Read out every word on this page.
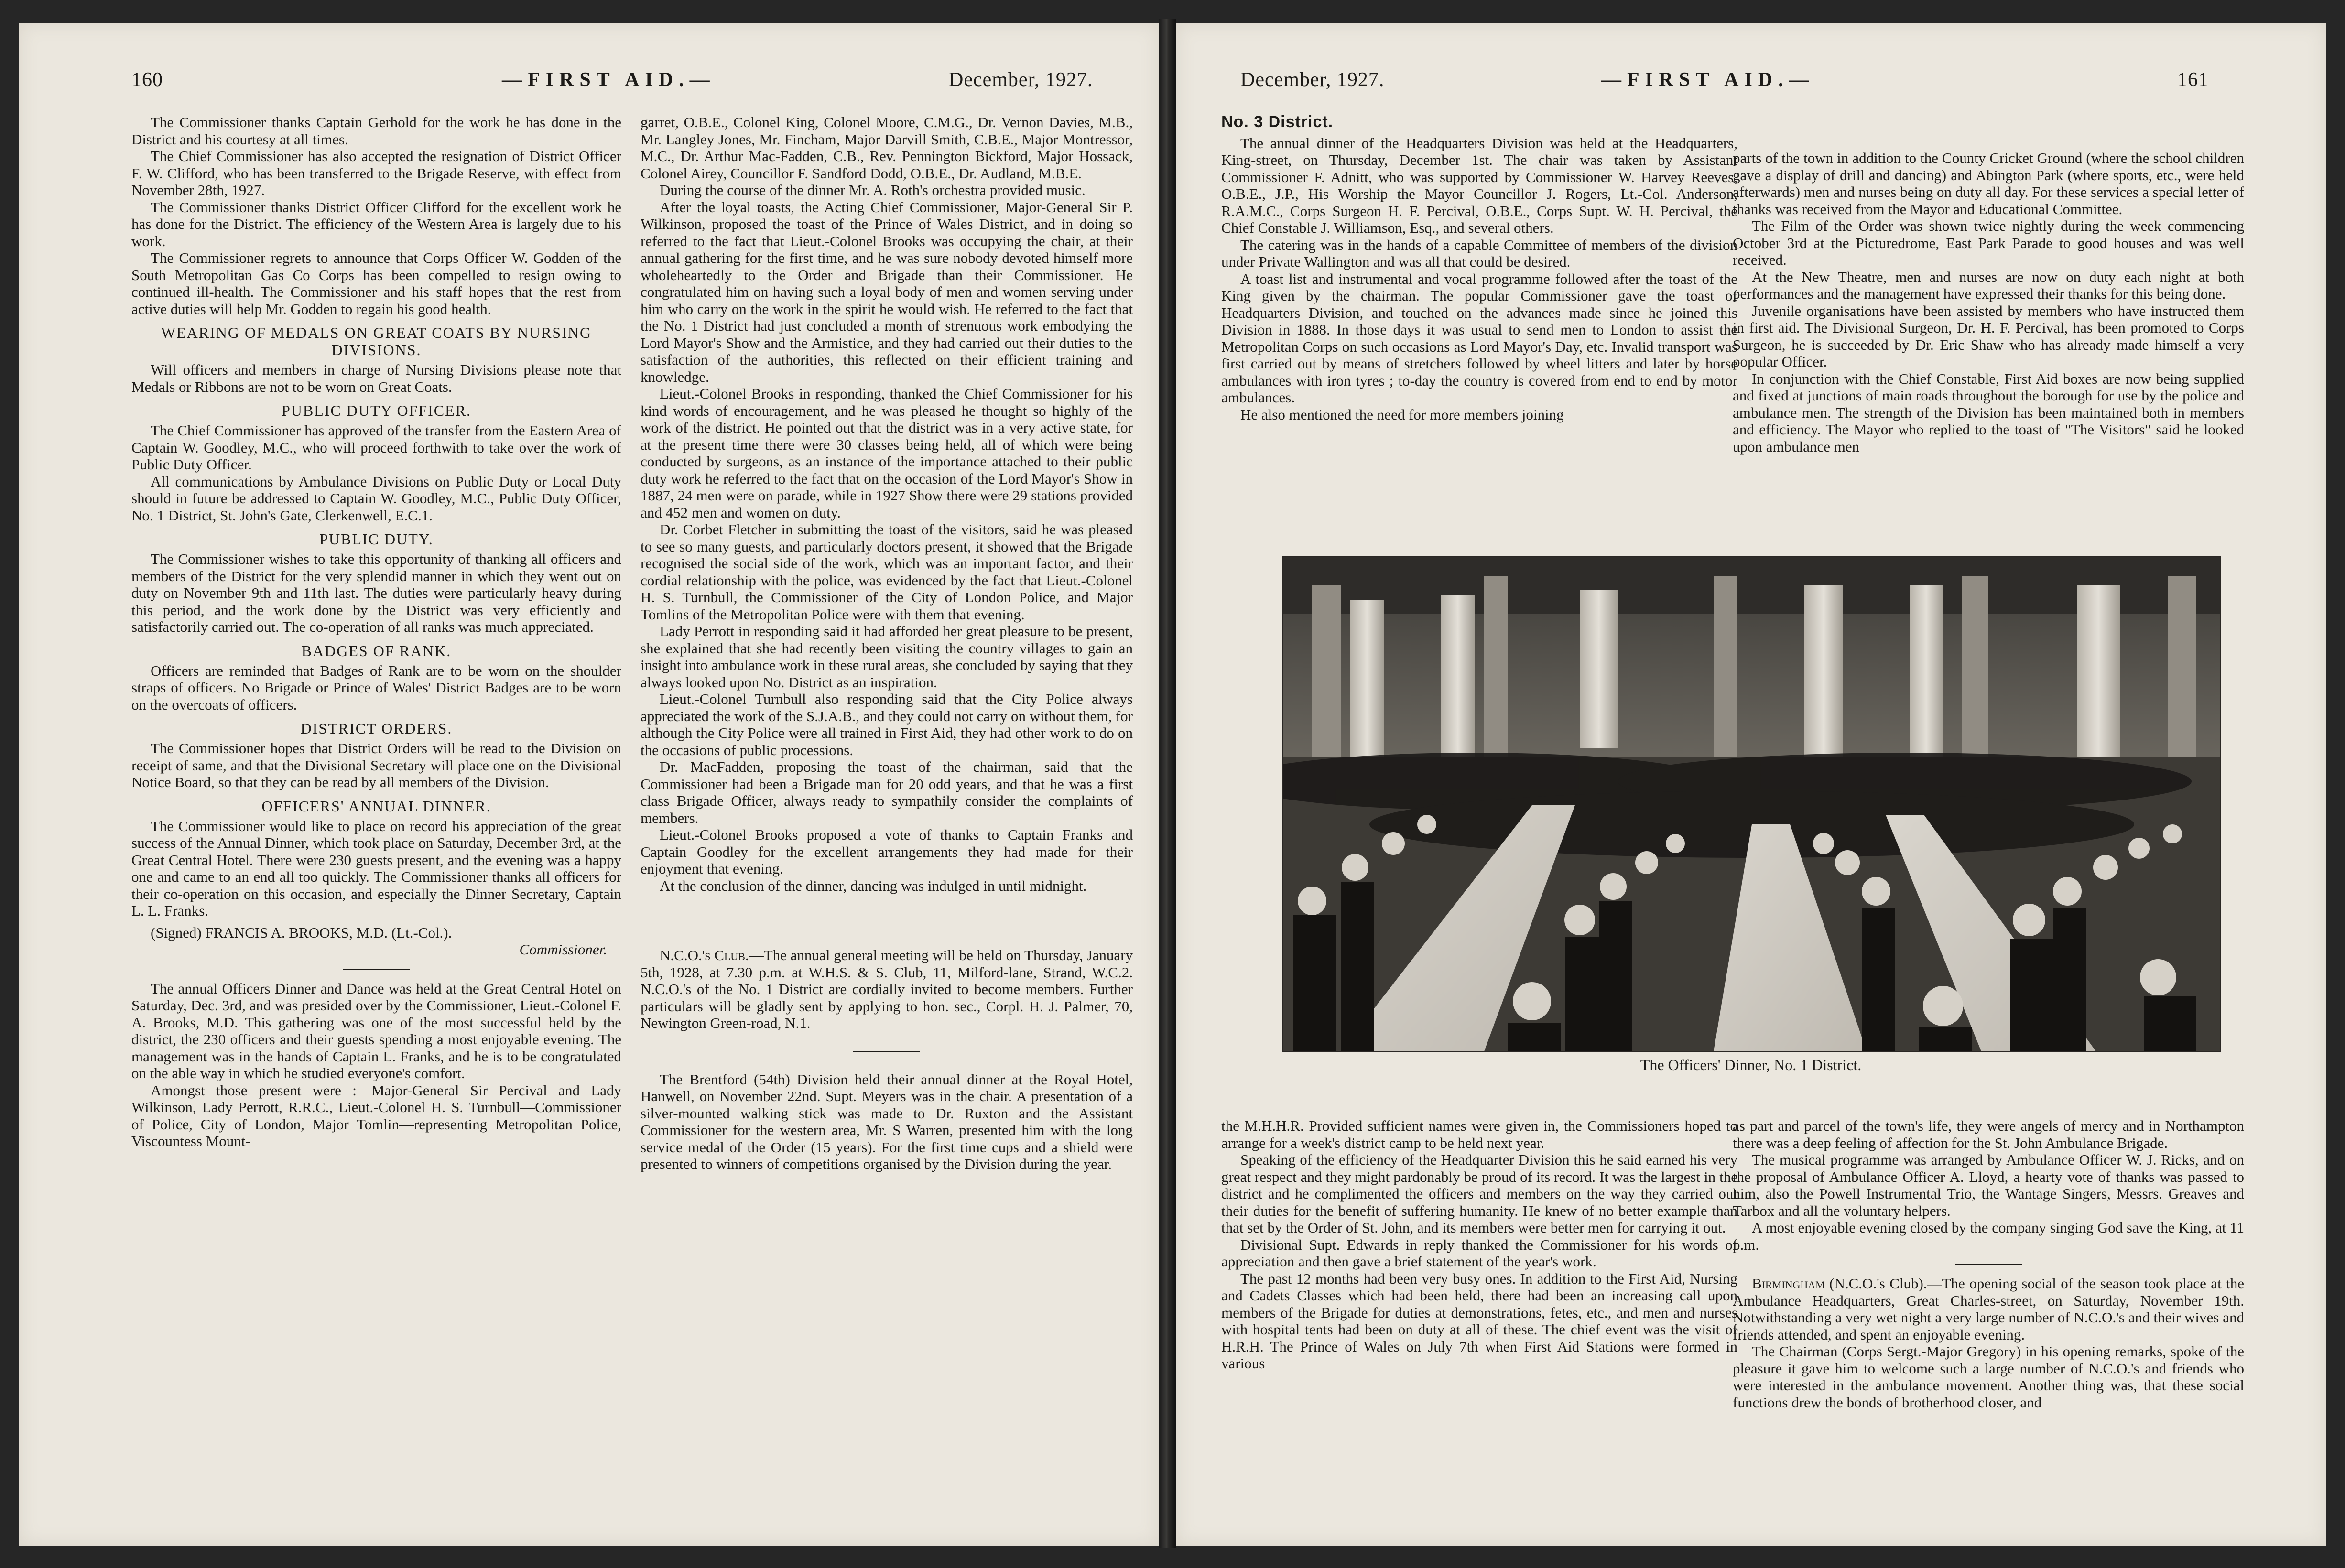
160	—FIRST AID.—	December, 1927.

The Commissioner thanks Captain Gerhold for the work he has done in the District and his courtesy at all times.

The Chief Commissioner has also accepted the resignation of District Officer F. W. Clifford, who has been transferred to the Brigade Reserve, with effect from November 28th, 1927.

The Commissioner thanks District Officer Clifford for the excellent work he has done for the District. The efficiency of the Western Area is largely due to his work.

The Commissioner regrets to announce that Corps Officer W. Godden of the South Metropolitan Gas Co Corps has been compelled to resign owing to continued ill-health. The Commissioner and his staff hopes that the rest from active duties will help Mr. Godden to regain his good health.

WEARING OF MEDALS ON GREAT COATS BY NURSING DIVISIONS.

Will officers and members in charge of Nursing Divisions please note that Medals or Ribbons are not to be worn on Great Coats.

PUBLIC DUTY OFFICER.

The Chief Commissioner has approved of the transfer from the Eastern Area of Captain W. Goodley, M.C., who will proceed forthwith to take over the work of Public Duty Officer.

All communications by Ambulance Divisions on Public Duty or Local Duty should in future be addressed to Captain W. Goodley, M.C., Public Duty Officer, No. 1 District, St. John's Gate, Clerkenwell, E.C.1.

PUBLIC DUTY.

The Commissioner wishes to take this opportunity of thanking all officers and members of the District for the very splendid manner in which they went out on duty on November 9th and 11th last. The duties were particularly heavy during this period, and the work done by the District was very efficiently and satisfactorily carried out. The co-operation of all ranks was much appreciated.

BADGES OF RANK.

Officers are reminded that Badges of Rank are to be worn on the shoulder straps of officers. No Brigade or Prince of Wales' District Badges are to be worn on the overcoats of officers.

DISTRICT ORDERS.

The Commissioner hopes that District Orders will be read to the Division on receipt of same, and that the Divisional Secretary will place one on the Divisional Notice Board, so that they can be read by all members of the Division.

OFFICERS' ANNUAL DINNER.

The Commissioner would like to place on record his appreciation of the great success of the Annual Dinner, which took place on Saturday, December 3rd, at the Great Central Hotel. There were 230 guests present, and the evening was a happy one and came to an end all too quickly. The Commissioner thanks all officers for their co-operation on this occasion, and especially the Dinner Secretary, Captain L. L. Franks.

(Signed) FRANCIS A. BROOKS, M.D. (Lt.-Col.).

Commissioner.

The annual Officers Dinner and Dance was held at the Great Central Hotel on Saturday, Dec. 3rd, and was presided over by the Commissioner, Lieut.-Colonel F. A. Brooks, M.D. This gathering was one of the most successful held by the district, the 230 officers and their guests spending a most enjoyable evening. The management was in the hands of Captain L. Franks, and he is to be congratulated on the able way in which he studied everyone's comfort.

Amongst those present were :—Major-General Sir Percival and Lady Wilkinson, Lady Perrott, R.R.C., Lieut.-Colonel H. S. Turnbull—Commissioner of Police, City of London, Major Tomlin—representing Metropolitan Police, Viscountess Mount-

garret, O.B.E., Colonel King, Colonel Moore, C.M.G., Dr. Vernon Davies, M.B., Mr. Langley Jones, Mr. Fincham, Major Darvill Smith, C.B.E., Major Montressor, M.C., Dr. Arthur Mac-Fadden, C.B., Rev. Pennington Bickford, Major Hossack, Colonel Airey, Councillor F. Sandford Dodd, O.B.E., Dr. Audland, M.B.E.

During the course of the dinner Mr. A. Roth's orchestra provided music.

After the loyal toasts, the Acting Chief Commissioner, Major-General Sir P. Wilkinson, proposed the toast of the Prince of Wales District, and in doing so referred to the fact that Lieut.-Colonel Brooks was occupying the chair, at their annual gathering for the first time, and he was sure nobody devoted himself more wholeheartedly to the Order and Brigade than their Commissioner. He congratulated him on having such a loyal body of men and women serving under him who carry on the work in the spirit he would wish. He referred to the fact that the No. 1 District had just concluded a month of strenuous work embodying the Lord Mayor's Show and the Armistice, and they had carried out their duties to the satisfaction of the authorities, this reflected on their efficient training and knowledge.

Lieut.-Colonel Brooks in responding, thanked the Chief Commissioner for his kind words of encouragement, and he was pleased he thought so highly of the work of the district. He pointed out that the district was in a very active state, for at the present time there were 30 classes being held, all of which were being conducted by surgeons, as an instance of the importance attached to their public duty work he referred to the fact that on the occasion of the Lord Mayor's Show in 1887, 24 men were on parade, while in 1927 Show there were 29 stations provided and 452 men and women on duty.

Dr. Corbet Fletcher in submitting the toast of the visitors, said he was pleased to see so many guests, and particularly doctors present, it showed that the Brigade recognised the social side of the work, which was an important factor, and their cordial relationship with the police, was evidenced by the fact that Lieut.-Colonel H. S. Turnbull, the Commissioner of the City of London Police, and Major Tomlins of the Metropolitan Police were with them that evening.

Lady Perrott in responding said it had afforded her great pleasure to be present, she explained that she had recently been visiting the country villages to gain an insight into ambulance work in these rural areas, she concluded by saying that they always looked upon No. District as an inspiration.

Lieut.-Colonel Turnbull also responding said that the City Police always appreciated the work of the S.J.A.B., and they could not carry on without them, for although the City Police were all trained in First Aid, they had other work to do on the occasions of public processions.

Dr. MacFadden, proposing the toast of the chairman, said that the Commissioner had been a Brigade man for 20 odd years, and that he was a first class Brigade Officer, always ready to sympathily consider the complaints of members.

Lieut.-Colonel Brooks proposed a vote of thanks to Captain Franks and Captain Goodley for the excellent arrangements they had made for their enjoyment that evening.

At the conclusion of the dinner, dancing was indulged in until midnight.

N.C.O.'s Club.—The annual general meeting will be held on Thursday, January 5th, 1928, at 7.30 p.m. at W.H.S. & S. Club, 11, Milford-lane, Strand, W.C.2. N.C.O.'s of the No. 1 District are cordially invited to become members. Further particulars will be gladly sent by applying to hon. sec., Corpl. H. J. Palmer, 70, Newington Green-road, N.1.

The Brentford (54th) Division held their annual dinner at the Royal Hotel, Hanwell, on November 22nd. Supt. Meyers was in the chair. A presentation of a silver-mounted walking stick was made to Dr. Ruxton and the Assistant Commissioner for the western area, Mr. S Warren, presented him with the long service medal of the Order (15 years). For the first time cups and a shield were presented to winners of competitions organised by the Division during the year.

December, 1927.	—FIRST AID.—	161
No. 3 District.

The annual dinner of the Headquarters Division was held at the Headquarters, King-street, on Thursday, December 1st. The chair was taken by Assistant Commissioner F. Adnitt, who was supported by Commissioner W. Harvey Reeves, O.B.E., J.P., His Worship the Mayor Councillor J. Rogers, Lt.-Col. Anderson, R.A.M.C., Corps Surgeon H. F. Percival, O.B.E., Corps Supt. W. H. Percival, the Chief Constable J. Williamson, Esq., and several others.

The catering was in the hands of a capable Committee of members of the division under Private Wallington and was all that could be desired.

A toast list and instrumental and vocal programme followed after the toast of the King given by the chairman. The popular Commissioner gave the toast of Headquarters Division, and touched on the advances made since he joined this Division in 1888. In those days it was usual to send men to London to assist the Metropolitan Corps on such occasions as Lord Mayor's Day, etc. Invalid transport was first carried out by means of stretchers followed by wheel litters and later by horse ambulances with iron tyres ; to-day the country is covered from end to end by motor ambulances.

He also mentioned the need for more members joining

parts of the town in addition to the County Cricket Ground (where the school children gave a display of drill and dancing) and Abington Park (where sports, etc., were held afterwards) men and nurses being on duty all day. For these services a special letter of thanks was received from the Mayor and Educational Committee.

The Film of the Order was shown twice nightly during the week commencing October 3rd at the Picturedrome, East Park Parade to good houses and was well received.

At the New Theatre, men and nurses are now on duty each night at both performances and the management have expressed their thanks for this being done.

Juvenile organisations have been assisted by members who have instructed them in first aid. The Divisional Surgeon, Dr. H. F. Percival, has been promoted to Corps Surgeon, he is succeeded by Dr. Eric Shaw who has already made himself a very popular Officer.

In conjunction with the Chief Constable, First Aid boxes are now being supplied and fixed at junctions of main roads throughout the borough for use by the police and ambulance men. The strength of the Division has been maintained both in members and efficiency. The Mayor who replied to the toast of "The Visitors" said he looked upon ambulance men

the M.H.H.R. Provided sufficient names were given in, the Commissioners hoped to arrange for a week's district camp to be held next year.

Speaking of the efficiency of the Headquarter Division this he said earned his very great respect and they might pardonably be proud of its record. It was the largest in the district and he complimented the officers and members on the way they carried out their duties for the benefit of suffering humanity. He knew of no better example than that set by the Order of St. John, and its members were better men for carrying it out.

Divisional Supt. Edwards in reply thanked the Commissioner for his words of appreciation and then gave a brief statement of the year's work.

The past 12 months had been very busy ones. In addition to the First Aid, Nursing and Cadets Classes which had been held, there had been an increasing call upon members of the Brigade for duties at demonstrations, fetes, etc., and men and nurses with hospital tents had been on duty at all of these. The chief event was the visit of H.R.H. The Prince of Wales on July 7th when First Aid Stations were formed in various

as part and parcel of the town's life, they were angels of mercy and in Northampton there was a deep feeling of affection for the St. John Ambulance Brigade.

The musical programme was arranged by Ambulance Officer W. J. Ricks, and on the proposal of Ambulance Officer A. Lloyd, a hearty vote of thanks was passed to him, also the Powell Instrumental Trio, the Wantage Singers, Messrs. Greaves and Tarbox and all the voluntary helpers.

A most enjoyable evening closed by the company singing God save the King, at 11 p.m.

Birmingham (N.C.O.'s Club).—The opening social of the season took place at the Ambulance Headquarters, Great Charles-street, on Saturday, November 19th. Notwithstanding a very wet night a very large number of N.C.O.'s and their wives and friends attended, and spent an enjoyable evening.

The Chairman (Corps Sergt.-Major Gregory) in his opening remarks, spoke of the pleasure it gave him to welcome such a large number of N.C.O.'s and friends who were interested in the ambulance movement. Another thing was, that these social functions drew the bonds of brotherhood closer, and

The Officers' Dinner, No. 1 District.
